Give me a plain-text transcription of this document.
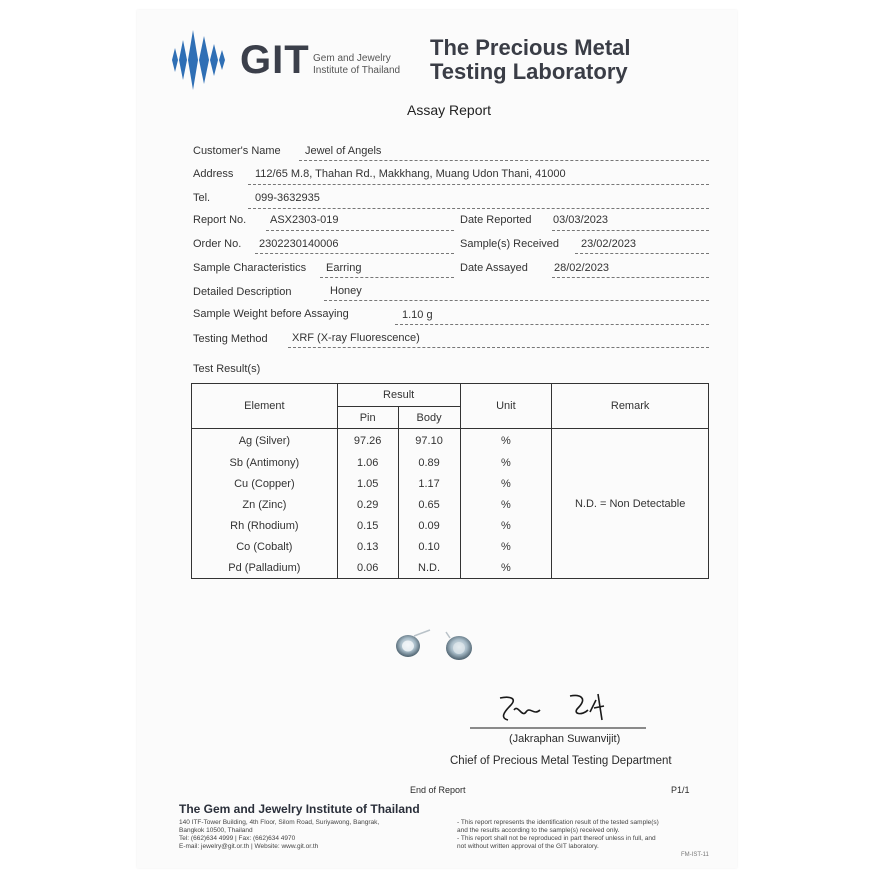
GIT Gem and Jewelry
Institute of Thailand
The Precious Metal
Testing Laboratory
Assay Report
Customer's Name Jewel of Angels
Address 112/65 M.8, Thahan Rd., Makkhang, Muang Udon Thani, 41000
Tel.	099-3632935
Report No. ASX2303-019	Date Reported 03/03/2023
Order No. 2302230140006	Sample(s) Received 23/02/2023
Sample Characteristics Earring	Date Assayed 28/02/2023
Detailed Description	Honey
Sample Weight before Assaying	1.10 g
Testing Method XRF (X-ray Fluorescence)
Test Result(s)
Element	Result		Unit	Remark
	Pin	Body		
Ag (Silver)	97.26	97.10	%	N.D. = Non Detectable
Sb (Antimony)	1.06	0.89	%	
Cu (Copper)	1.05	1.17	%	
Zn (Zinc)	0.29	0.65	%	
Rh (Rhodium)	0.15	0.09	%	
Co (Cobalt)	0.13	0.10	%	
Pd (Palladium)	0.06	N.D.	%	
(Jakraphan Suwanvijit)
Chief of Precious Metal Testing Department
End of Report	P1/1
The Gem and Jewelry Institute of Thailand
140 ITF-Tower Building, 4th Floor, Silom Road, Suriyawong, Bangrak,
Bangkok 10500, Thailand
Tel: (662)634 4999 | Fax: (662)634 4970
E-mail: jewelry@git.or.th | Website: www.git.or.th
- This report represents the identification result of the tested sample(s)
and the results according to the sample(s) received only.
- This report shall not be reproduced in part thereof unless in full, and
not without written approval of the GIT laboratory.
FM-IST-11
